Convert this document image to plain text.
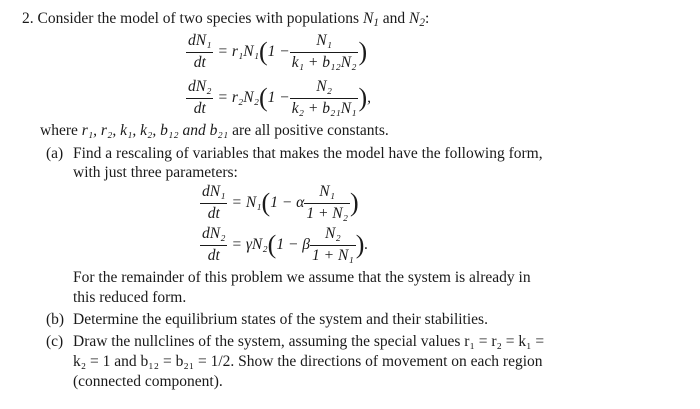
2. Consider the model of two species with populations $N_1$ and $N_2$:
$\frac{\text{dN₁}}{dt} = r_1N_1$ ( $1 - \frac{\text{N₁}}{\text{k₁ + b₁₂N₂}}$ )
$\frac{\text{dN₂}}{dt} = r_2N_2$ ( $1 - \frac{\text{N₂}}{\text{k₂ + b₂₁N₁}}$ ) ,
where r₁, r₂, k₁, k₂, b₁₂ and b₂₁ are all positive constants.
(a) Find a rescaling of variables that makes the model have the following form,
with just three parameters:
$\frac{\text{dN₁}}{dt} = N_1$ ( 1 − α $\frac{\text{N₁}}{\text{1 + N₂}}$ )
$\frac{\text{dN₂}}{dt} = \gamma N_2$ ( 1 − β $\frac{\text{N₂}}{\text{1 + N₁}}$ ) .
For the remainder of this problem we assume that the system is already in
this reduced form.
(b) Determine the equilibrium states of the system and their stabilities.
(c) Draw the nullclines of the system, assuming the special values r₁ = r₂ = k₁ =
k₂ = 1 and b₁₂ = b₂₁ = 1/2. Show the directions of movement on each region
(connected component).
